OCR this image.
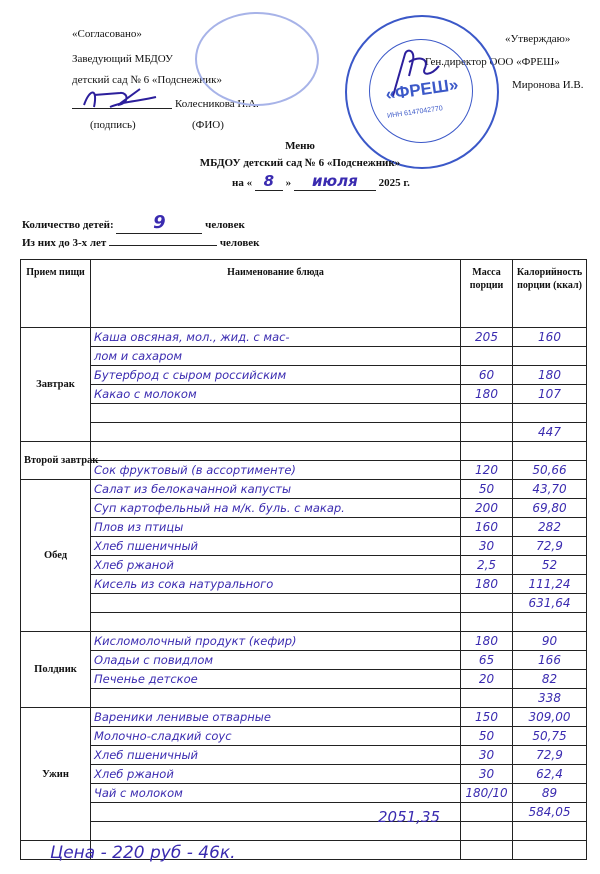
«Согласовано»
Заведующий МБДОУ
детский сад № 6 «Подснежник»
Колесникова Н.А.
(подпись)	(ФИО)
«Утверждаю»
Ген.директор ООО «ФРЕШ»
Миронова И.В.
«ФРЕШ»
ИНН 6147042770
Меню
МБДОУ детский сад № 6 «Подснежник»
на « 8 » июля 2025 г.
Количество детей: 9	человек
Из них до 3-х лет	человек
Прием пищи	Наименование блюда	Масса порции	Калорийность порции (ккал)
Завтрак	Каша овсяная, мол., жид. с мас-	205	160
	лом и сахаром		
	Бутерброд с сыром российским	60	180
	Какао с молоком	180	107

			447
Второй завтрак			
	Сок фруктовый (в ассортименте)	120	50,66
Обед	Салат из белокачанной капусты	50	43,70
	Суп картофельный на м/к. буль. с макар.	200	69,80
	Плов из птицы	160	282
	Хлеб пшеничный	30	72,9
	Хлеб ржаной	2,5	52
	Кисель из сока натурального	180	111,24
			631,64

Полдник	Кисломолочный продукт (кефир)	180	90
	Оладьи с повидлом	65	166
	Печенье детское	20	82
			338
Ужин	Вареники ленивые отварные	150	309,00
	Молочно-сладкий соус	50	50,75
	Хлеб пшеничный	30	72,9
	Хлеб ржаной	30	62,4
	Чай с молоком	180/10	89
			584,05

2051,35
Цена - 220 руб - 46к.
